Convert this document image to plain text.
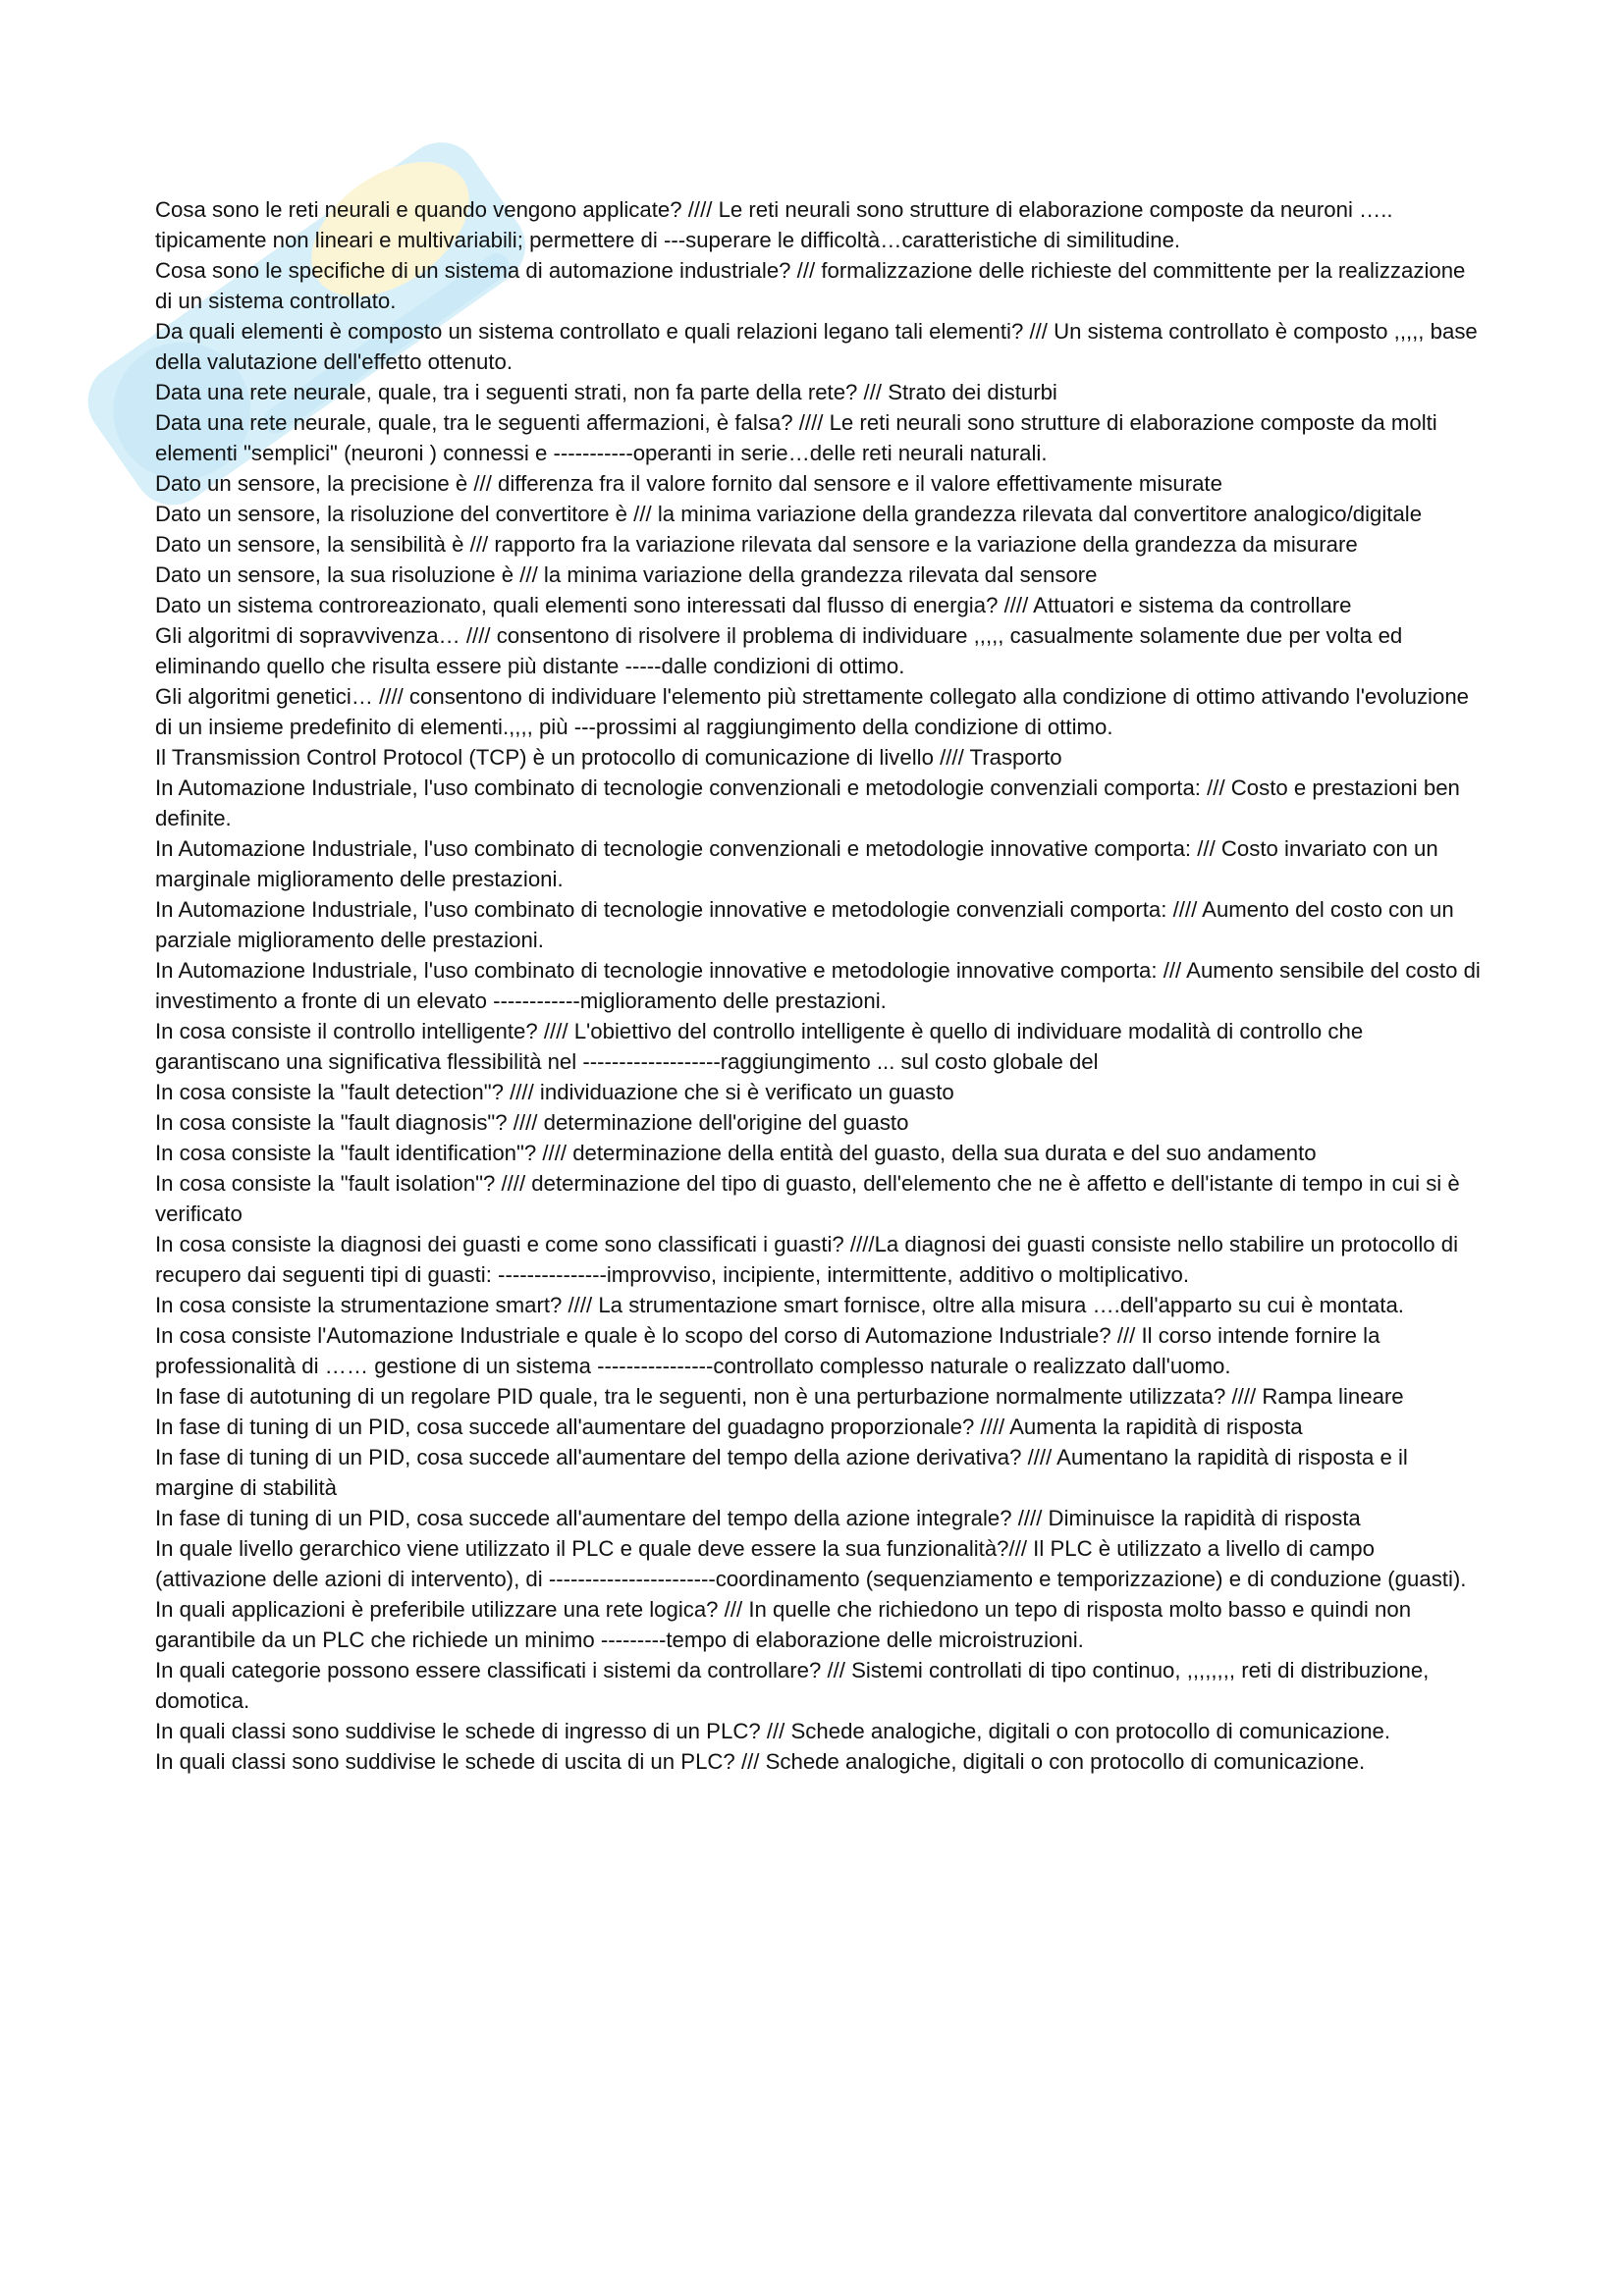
Cosa sono le reti neurali e quando vengono applicate? //// Le reti neurali sono strutture di elaborazione composte da neuroni ….. tipicamente non lineari e multivariabili; permettere di ---superare le difficoltà…caratteristiche di similitudine.

Cosa sono le specifiche di un sistema di automazione industriale? /// formalizzazione delle richieste del committente per la realizzazione di un sistema controllato.

Da quali elementi è composto un sistema controllato e quali relazioni legano tali elementi? /// Un sistema controllato è composto ,,,,, base della valutazione dell'effetto ottenuto.

Data una rete neurale, quale, tra i seguenti strati, non fa parte della rete? /// Strato dei disturbi

Data una rete neurale, quale, tra le seguenti affermazioni, è falsa? //// Le reti neurali sono strutture di elaborazione composte da molti elementi "semplici" (neuroni ) connessi e -----------operanti in serie…delle reti neurali naturali.

Dato un sensore, la precisione è /// differenza fra il valore fornito dal sensore e il valore effettivamente misurate

Dato un sensore, la risoluzione del convertitore è /// la minima variazione della grandezza rilevata dal convertitore analogico/digitale

Dato un sensore, la sensibilità è /// rapporto fra la variazione rilevata dal sensore e la variazione della grandezza da misurare

Dato un sensore, la sua risoluzione è /// la minima variazione della grandezza rilevata dal sensore

Dato un sistema controreazionato, quali elementi sono interessati dal flusso di energia? //// Attuatori e sistema da controllare

Gli algoritmi di sopravvivenza… //// consentono di risolvere il problema di individuare ,,,,, casualmente solamente due per volta ed eliminando quello che risulta essere più distante -----dalle condizioni di ottimo.

Gli algoritmi genetici… //// consentono di individuare l'elemento più strettamente collegato alla condizione di ottimo attivando l'evoluzione di un insieme predefinito di elementi.,,,, più ---prossimi al raggiungimento della condizione di ottimo.

Il Transmission Control Protocol (TCP) è un protocollo di comunicazione di livello //// Trasporto

In Automazione Industriale, l'uso combinato di tecnologie convenzionali e metodologie convenziali comporta: /// Costo e prestazioni ben definite.

In Automazione Industriale, l'uso combinato di tecnologie convenzionali e metodologie innovative comporta: /// Costo invariato con un marginale miglioramento delle prestazioni.

In Automazione Industriale, l'uso combinato di tecnologie innovative e metodologie convenziali comporta: //// Aumento del costo con un parziale miglioramento delle prestazioni.

In Automazione Industriale, l'uso combinato di tecnologie innovative e metodologie innovative comporta: /// Aumento sensibile del costo di investimento a fronte di un elevato ------------miglioramento delle prestazioni.

In cosa consiste il controllo intelligente? //// L'obiettivo del controllo intelligente è quello di individuare modalità di controllo che garantiscano una significativa flessibilità nel -------------------raggiungimento ... sul costo globale del

In cosa consiste la "fault detection"? //// individuazione che si è verificato un guasto

In cosa consiste la "fault diagnosis"? //// determinazione dell'origine del guasto

In cosa consiste la "fault identification"? //// determinazione della entità del guasto, della sua durata e del suo andamento

In cosa consiste la "fault isolation"? //// determinazione del tipo di guasto, dell'elemento che ne è affetto e dell'istante di tempo in cui si è verificato

In cosa consiste la diagnosi dei guasti e come sono classificati i guasti? ////La diagnosi dei guasti consiste nello stabilire un protocollo di recupero dai seguenti tipi di guasti: ---------------improvviso, incipiente, intermittente, additivo o moltiplicativo.

In cosa consiste la strumentazione smart? //// La strumentazione smart fornisce, oltre alla misura ….dell'apparto su cui è montata.

In cosa consiste l'Automazione Industriale e quale è lo scopo del corso di Automazione Industriale? /// Il corso intende fornire la professionalità di …… gestione di un sistema ----------------controllato complesso naturale o realizzato dall'uomo.

In fase di autotuning di un regolare PID quale, tra le seguenti, non è una perturbazione normalmente utilizzata? //// Rampa lineare

In fase di tuning di un PID, cosa succede all'aumentare del guadagno proporzionale? //// Aumenta la rapidità di risposta

In fase di tuning di un PID, cosa succede all'aumentare del tempo della azione derivativa? //// Aumentano la rapidità di risposta e il margine di stabilità

In fase di tuning di un PID, cosa succede all'aumentare del tempo della azione integrale? //// Diminuisce la rapidità di risposta

In quale livello gerarchico viene utilizzato il PLC e quale deve essere la sua funzionalità?/// Il PLC è utilizzato a livello di campo (attivazione delle azioni di intervento), di -----------------------coordinamento (sequenziamento e temporizzazione) e di conduzione (guasti).

In quali applicazioni è preferibile utilizzare una rete logica? /// In quelle che richiedono un tepo di risposta molto basso e quindi non garantibile da un PLC che richiede un minimo ---------tempo di elaborazione delle microistruzioni.

In quali categorie possono essere classificati i sistemi da controllare? /// Sistemi controllati di tipo continuo, ,,,,,,,, reti di distribuzione, domotica.

In quali classi sono suddivise le schede di ingresso di un PLC? /// Schede analogiche, digitali o con protocollo di comunicazione.

In quali classi sono suddivise le schede di uscita di un PLC? /// Schede analogiche, digitali o con protocollo di comunicazione.
